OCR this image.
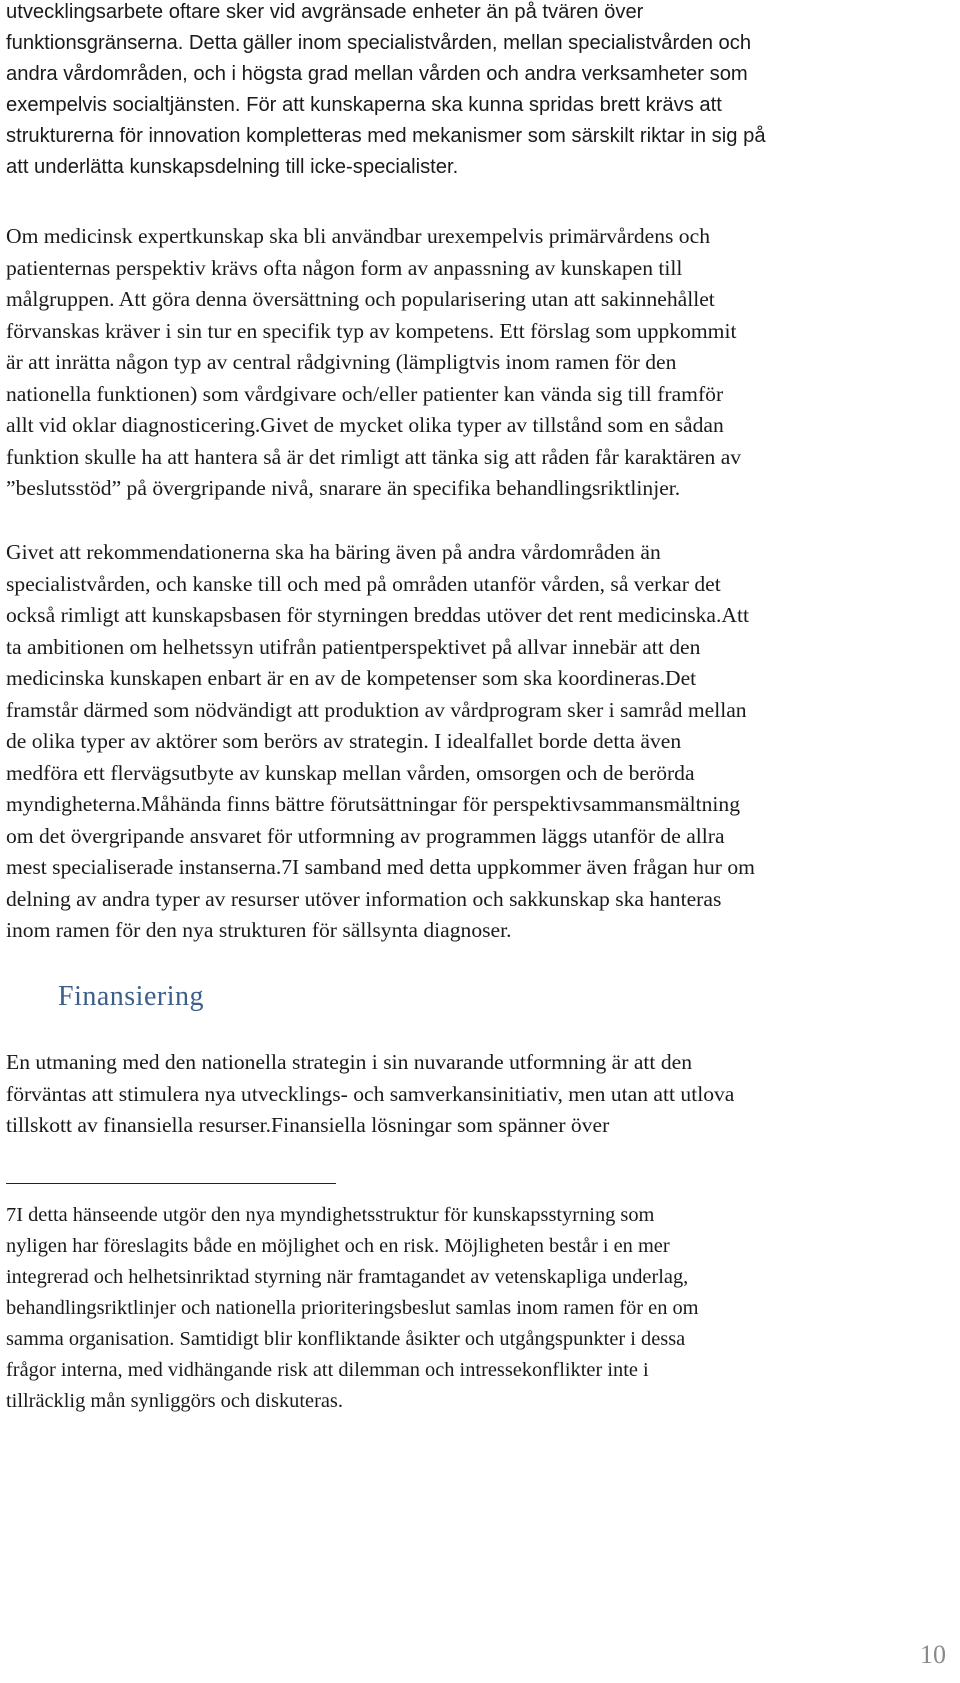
utvecklingsarbete oftare sker vid avgränsade enheter än på tvären över
funktionsgränserna. Detta gäller inom specialistvården, mellan specialistvården och
andra vårdområden, och i högsta grad mellan vården och andra verksamheter som
exempelvis socialtjänsten. För att kunskaperna ska kunna spridas brett krävs att
strukturerna för innovation kompletteras med mekanismer som särskilt riktar in sig på
att underlätta kunskapsdelning till icke-specialister.

Om medicinsk expertkunskap ska bli användbar urexempelvis primärvårdens och
patienternas perspektiv krävs ofta någon form av anpassning av kunskapen till
målgruppen. Att göra denna översättning och popularisering utan att sakinnehållet
förvanskas kräver i sin tur en specifik typ av kompetens. Ett förslag som uppkommit
är att inrätta någon typ av central rådgivning (lämpligtvis inom ramen för den
nationella funktionen) som vårdgivare och/eller patienter kan vända sig till framför
allt vid oklar diagnosticering.Givet de mycket olika typer av tillstånd som en sådan
funktion skulle ha att hantera så är det rimligt att tänka sig att råden får karaktären av
”beslutsstöd” på övergripande nivå, snarare än specifika behandlingsriktlinjer.

Givet att rekommendationerna ska ha bäring även på andra vårdområden än
specialistvården, och kanske till och med på områden utanför vården, så verkar det
också rimligt att kunskapsbasen för styrningen breddas utöver det rent medicinska.Att
ta ambitionen om helhetssyn utifrån patientperspektivet på allvar innebär att den
medicinska kunskapen enbart är en av de kompetenser som ska koordineras.Det
framstår därmed som nödvändigt att produktion av vårdprogram sker i samråd mellan
de olika typer av aktörer som berörs av strategin. I idealfallet borde detta även
medföra ett flervägsutbyte av kunskap mellan vården, omsorgen och de berörda
myndigheterna.Måhända finns bättre förutsättningar för perspektivsammansmältning
om det övergripande ansvaret för utformning av programmen läggs utanför de allra
mest specialiserade instanserna.7I samband med detta uppkommer även frågan hur om
delning av andra typer av resurser utöver information och sakkunskap ska hanteras
inom ramen för den nya strukturen för sällsynta diagnoser.

Finansiering

En utmaning med den nationella strategin i sin nuvarande utformning är att den
förväntas att stimulera nya utvecklings- och samverkansinitiativ, men utan att utlova
tillskott av finansiella resurser.Finansiella lösningar som spänner över

7I detta hänseende utgör den nya myndighetsstruktur för kunskapsstyrning som
nyligen har föreslagits både en möjlighet och en risk. Möjligheten består i en mer
integrerad och helhetsinriktad styrning när framtagandet av vetenskapliga underlag,
behandlingsriktlinjer och nationella prioriteringsbeslut samlas inom ramen för en om
samma organisation. Samtidigt blir konfliktande åsikter och utgångspunkter i dessa
frågor interna, med vidhängande risk att dilemman och intressekonflikter inte i
tillräcklig mån synliggörs och diskuteras.

10
